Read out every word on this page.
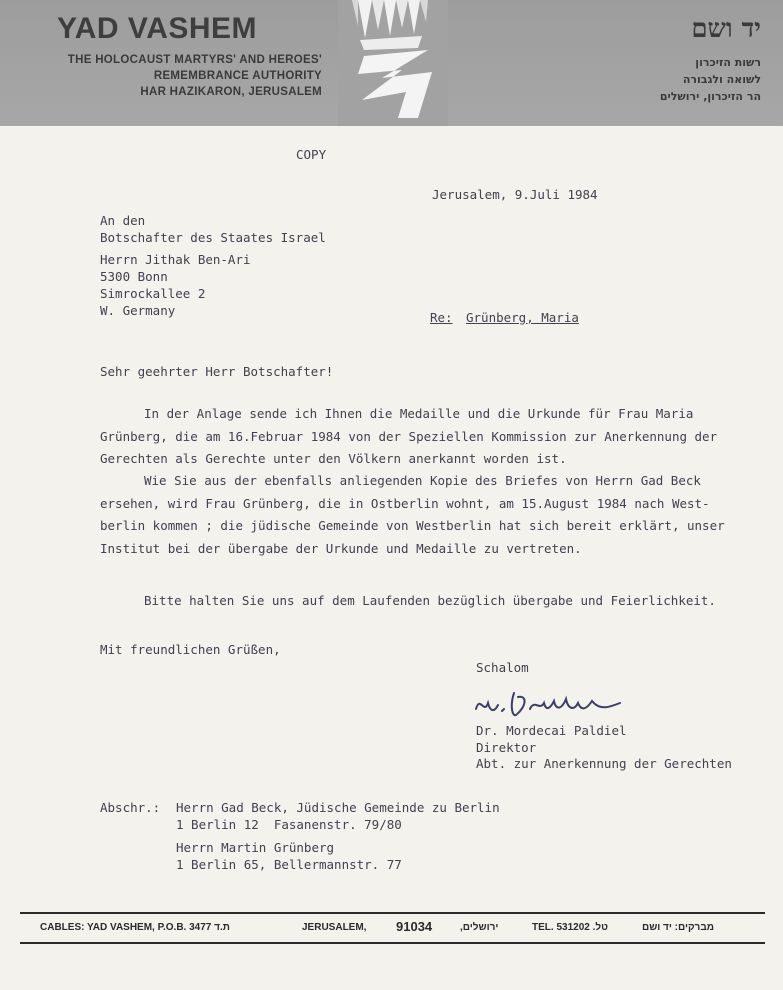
YAD VASHEM
THE HOLOCAUST MARTYRS' AND HEROES'
REMEMBRANCE AUTHORITY
HAR HAZIKARON, JERUSALEM
יד ושם
רשות הזיכרון
לשואה ולגבורה
הר הזיכרון, ירושלים
COPY
Jerusalem, 9.Juli 1984
An den
Botschafter des Staates Israel
Herrn Jithak Ben-Ari
5300 Bonn
Simrockallee 2
W. Germany	Re: Grünberg, Maria
Sehr geehrter Herr Botschafter!
In der Anlage sende ich Ihnen die Medaille und die Urkunde für Frau Maria Grünberg, die am 16.Februar 1984 von der Speziellen Kommission zur Anerkennung der Gerechten als Gerechte unter den Völkern anerkannt worden ist.
Wie Sie aus der ebenfalls anliegenden Kopie des Briefes von Herrn Gad Beck ersehen, wird Frau Grünberg, die in Ostberlin wohnt, am 15.August 1984 nach West-berlin kommen ; die jüdische Gemeinde von Westberlin hat sich bereit erklärt, unser Institut bei der übergabe der Urkunde und Medaille zu vertreten.
Bitte halten Sie uns auf dem Laufenden bezüglich übergabe und Feierlichkeit.
Mit freundlichen Grüßen,
Schalom
Dr. Mordecai Paldiel
Direktor
Abt. zur Anerkennung der Gerechten
Abschr.: Herrn Gad Beck, Jüdische Gemeinde zu Berlin
1 Berlin 12  Fasanenstr. 79/80
Herrn Martin Grünberg
1 Berlin 65, Bellermannstr. 77
CABLES: YAD VASHEM, P.O.B. 3477 ת.ד	JERUSALEM, 91034	ירושלים,	TEL. 531202 .טל	מברקים: יד ושם
